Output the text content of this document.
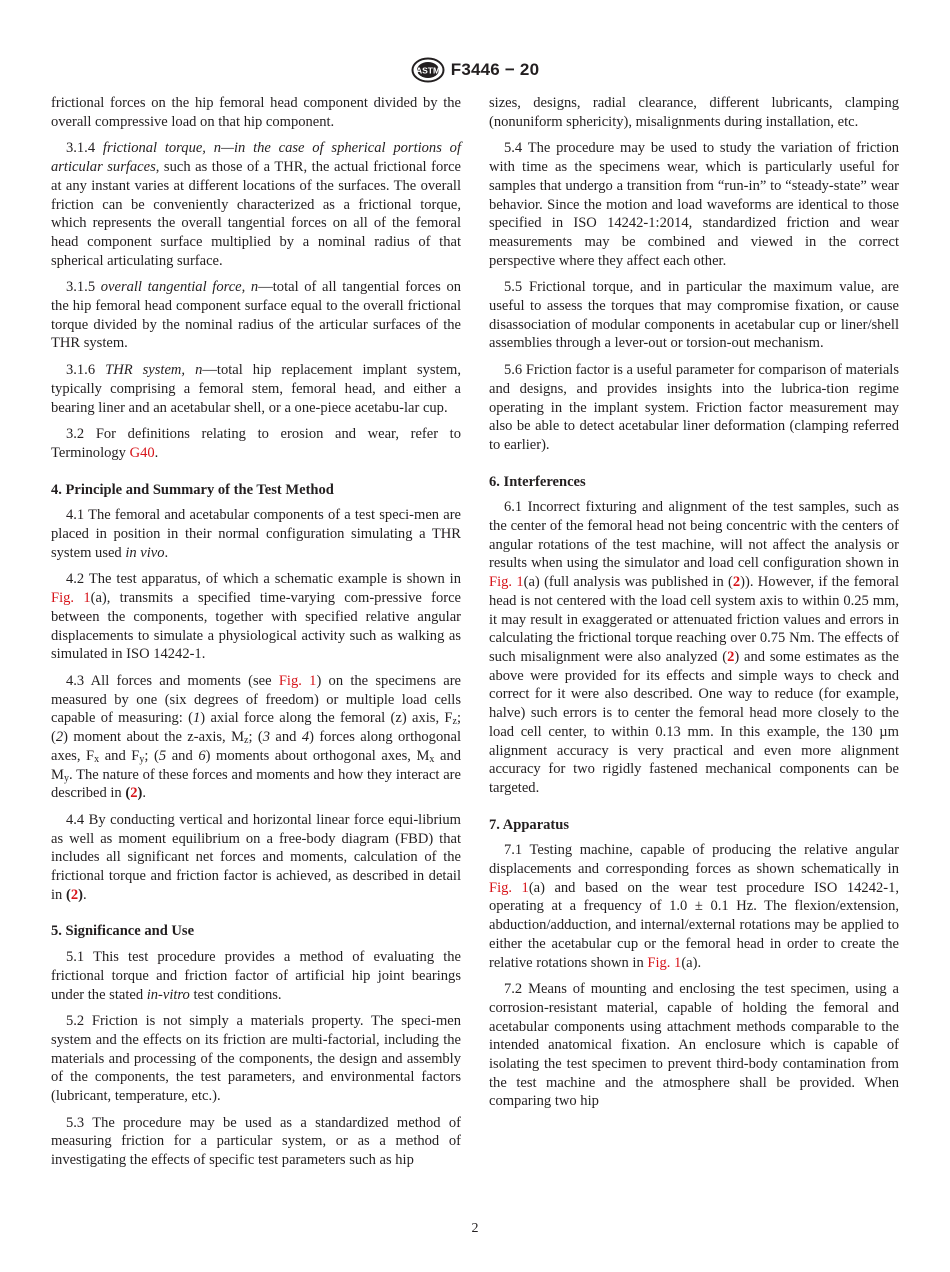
ASTM F3446 − 20

frictional forces on the hip femoral head component divided by the overall compressive load on that hip component.

3.1.4 frictional torque, n—in the case of spherical portions of articular surfaces, such as those of a THR, the actual frictional force at any instant varies at different locations of the surfaces. The overall friction can be conveniently characterized as a frictional torque, which represents the overall tangential forces on all of the femoral head component surface multiplied by a nominal radius of that spherical articulating surface.

3.1.5 overall tangential force, n—total of all tangential forces on the hip femoral head component surface equal to the overall frictional torque divided by the nominal radius of the articular surfaces of the THR system.

3.1.6 THR system, n—total hip replacement implant system, typically comprising a femoral stem, femoral head, and either a bearing liner and an acetabular shell, or a one-piece acetabu-lar cup.

3.2 For definitions relating to erosion and wear, refer to Terminology G40.

4. Principle and Summary of the Test Method

4.1 The femoral and acetabular components of a test speci-men are placed in position in their normal configuration simulating a THR system used in vivo.

4.2 The test apparatus, of which a schematic example is shown in Fig. 1(a), transmits a specified time-varying com-pressive force between the components, together with specified relative angular displacements to simulate a physiological activity such as walking as simulated in ISO 14242-1.

4.3 All forces and moments (see Fig. 1) on the specimens are measured by one (six degrees of freedom) or multiple load cells capable of measuring: (1) axial force along the femoral (z) axis, $F_z$; (2) moment about the z-axis, $M_z$; (3 and 4) forces along orthogonal axes, $F_x$ and $F_y$; (5 and 6) moments about orthogonal axes, $M_x$ and $M_y$. The nature of these forces and moments and how they interact are described in (2).

4.4 By conducting vertical and horizontal linear force equi-librium as well as moment equilibrium on a free-body diagram (FBD) that includes all significant net forces and moments, calculation of the frictional torque and friction factor is achieved, as described in detail in (2).

5. Significance and Use

5.1 This test procedure provides a method of evaluating the frictional torque and friction factor of artificial hip joint bearings under the stated in-vitro test conditions.

5.2 Friction is not simply a materials property. The speci-men system and the effects on its friction are multi-factorial, including the materials and processing of the components, the design and assembly of the components, the test parameters, and environmental factors (lubricant, temperature, etc.).

5.3 The procedure may be used as a standardized method of measuring friction for a particular system, or as a method of investigating the effects of specific test parameters such as hip

sizes, designs, radial clearance, different lubricants, clamping (nonuniform sphericity), misalignments during installation, etc.

5.4 The procedure may be used to study the variation of friction with time as the specimens wear, which is particularly useful for samples that undergo a transition from “run-in” to “steady-state” wear behavior. Since the motion and load waveforms are identical to those specified in ISO 14242-1:2014, standardized friction and wear measurements may be combined and viewed in the correct perspective where they affect each other.

5.5 Frictional torque, and in particular the maximum value, are useful to assess the torques that may compromise fixation, or cause disassociation of modular components in acetabular cup or liner/shell assemblies through a lever-out or torsion-out mechanism.

5.6 Friction factor is a useful parameter for comparison of materials and designs, and provides insights into the lubrica-tion regime operating in the implant system. Friction factor measurement may also be able to detect acetabular liner deformation (clamping referred to earlier).

6. Interferences

6.1 Incorrect fixturing and alignment of the test samples, such as the center of the femoral head not being concentric with the centers of angular rotations of the test machine, will not affect the analysis or results when using the simulator and load cell configuration shown in Fig. 1(a) (full analysis was published in (2)). However, if the femoral head is not centered with the load cell system axis to within 0.25 mm, it may result in exaggerated or attenuated friction values and errors in calculating the frictional torque reaching over 0.75 Nm. The effects of such misalignment were also analyzed (2) and some estimates as the above were provided for its effects and simple ways to check and correct for it were also described. One way to reduce (for example, halve) such errors is to center the femoral head more closely to the load cell center, to within 0.13 mm. In this example, the 130 µm alignment accuracy is very practical and even more alignment accuracy for two rigidly fastened mechanical components can be targeted.

7. Apparatus

7.1 Testing machine, capable of producing the relative angular displacements and corresponding forces as shown schematically in Fig. 1(a) and based on the wear test procedure ISO 14242-1, operating at a frequency of 1.0 ± 0.1 Hz. The flexion/extension, abduction/adduction, and internal/external rotations may be applied to either the acetabular cup or the femoral head in order to create the relative rotations shown in Fig. 1(a).

7.2 Means of mounting and enclosing the test specimen, using a corrosion-resistant material, capable of holding the femoral and acetabular components using attachment methods comparable to the intended anatomical fixation. An enclosure which is capable of isolating the test specimen to prevent third-body contamination from the test machine and the atmosphere shall be provided. When comparing two hip

2
